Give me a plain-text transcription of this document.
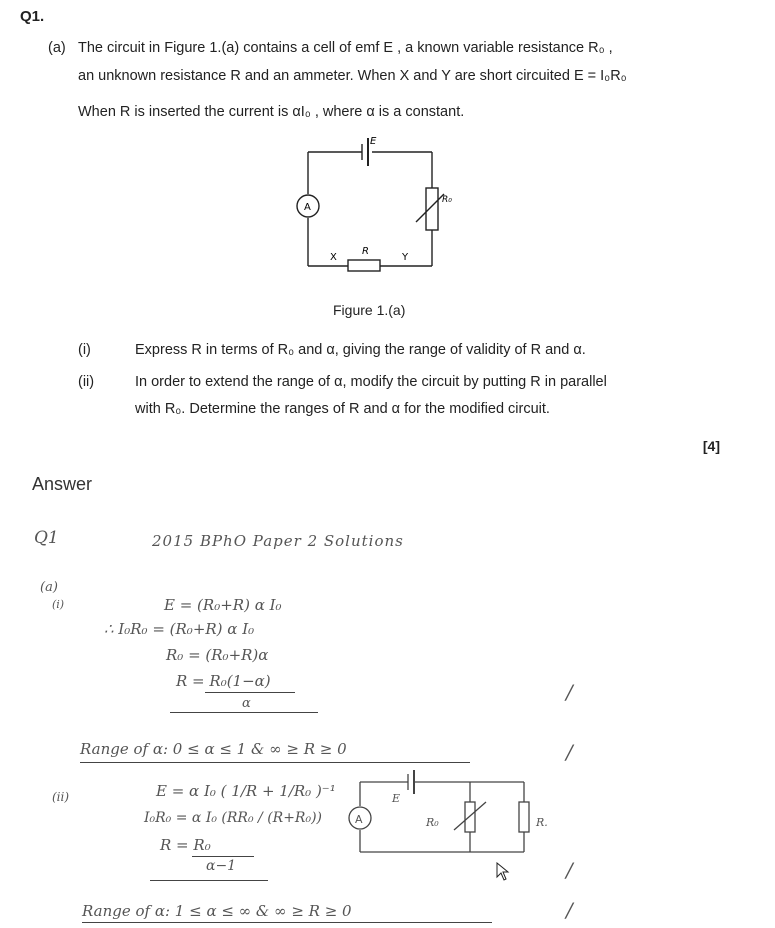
Q1.
(a) The circuit in Figure 1.(a) contains a cell of emf E , a known variable resistance R₀ ,
an unknown resistance R and an ammeter. When X and Y are short circuited E = I₀R₀
When R is inserted the current is αI₀ , where α is a constant.
E
A
X
R
Y
R₀
Figure 1.(a)
(i)	Express R in terms of R₀ and α, giving the range of validity of R and α.
(ii)	In order to extend the range of α, modify the circuit by putting R in parallel
with R₀. Determine the ranges of R and α for the modified circuit.
[4]
Answer
Q1	2015 BPhO Paper 2 Solutions
(a)
(i)	E = (R₀+R) α I₀
∴ I₀R₀ = (R₀+R) α I₀
R₀ = (R₀+R)α
R = R₀(1−α)
α	/
Range of α: 0 ≤ α ≤ 1 & ∞ ≥ R ≥ 0	/
(ii)	E = α I₀ ( 1/R + 1/R₀ )⁻¹
I₀R₀ = α I₀ (RR₀ / (R+R₀))
R = R₀
α−1	/
E
A	R₀	R.
Range of α: 1 ≤ α ≤ ∞ & ∞ ≥ R ≥ 0	/
